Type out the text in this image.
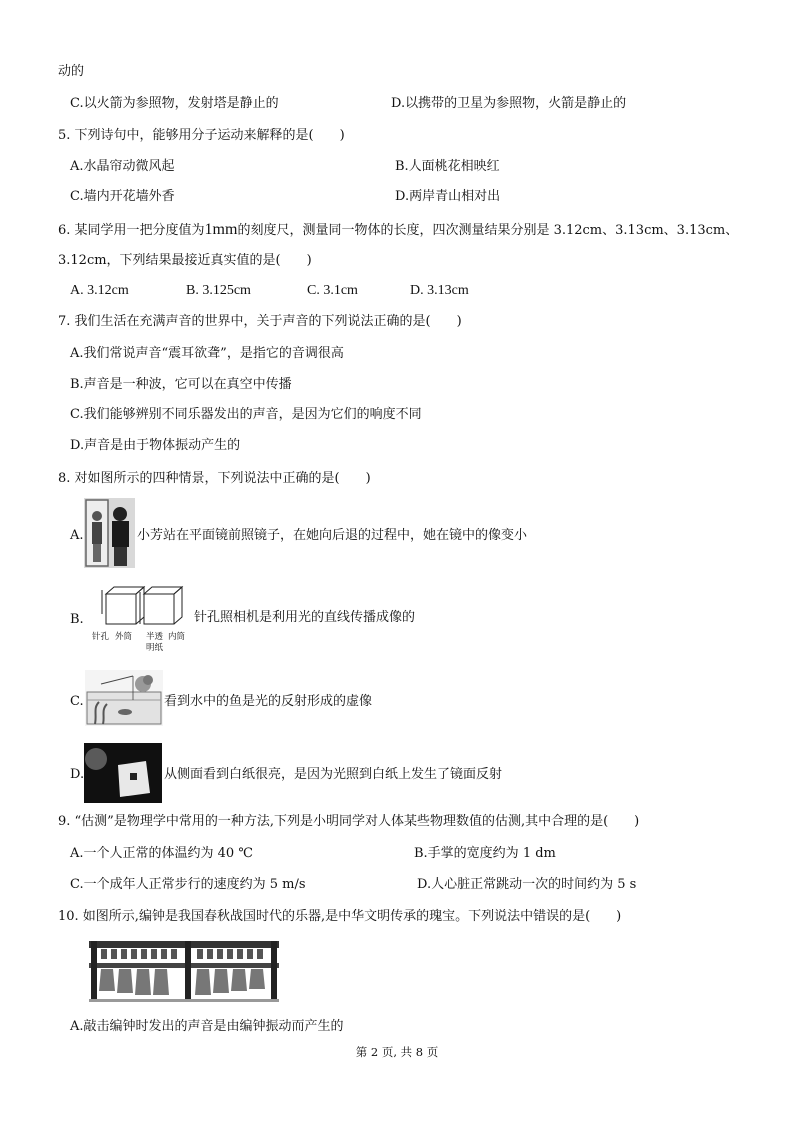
动的
C.以火箭为参照物，发射塔是静止的	D.以携带的卫星为参照物，火箭是静止的
5. 下列诗句中，能够用分子运动来解释的是(　　)
A.水晶帘动微风起	B.人面桃花相映红
C.墙内开花墙外香	D.两岸青山相对出
6. 某同学用一把分度值为1mm的刻度尺，测量同一物体的长度，四次测量结果分别是 3.12cm、3.13cm、3.13cm、
3.12cm，下列结果最接近真实值的是(　　)
A. 3.12cm	B. 3.125cm	C. 3.1cm	D. 3.13cm
7. 我们生活在充满声音的世界中，关于声音的下列说法正确的是(　　)
A.我们常说声音“震耳欲聋”，是指它的音调很高
B.声音是一种波，它可以在真空中传播
C.我们能够辨别不同乐器发出的声音，是因为它们的响度不同
D.声音是由于物体振动产生的
8. 对如图所示的四种情景，下列说法中正确的是(　　)
A.	小芳站在平面镜前照镜子，在她向后退的过程中，她在镜中的像变小
B.
针孔 外筒 半透
明纸
内筒
针孔照相机是利用光的直线传播成像的
C.	看到水中的鱼是光的反射形成的虚像
D.	从侧面看到白纸很亮，是因为光照到白纸上发生了镜面反射
9. “估测”是物理学中常用的一种方法,下列是小明同学对人体某些物理数值的估测,其中合理的是(　　)
A.一个人正常的体温约为 40 ℃	B.手掌的宽度约为 1 dm
C.一个成年人正常步行的速度约为 5 m/s	D.人心脏正常跳动一次的时间约为 5 s
10. 如图所示,编钟是我国春秋战国时代的乐器,是中华文明传承的瑰宝。下列说法中错误的是(　　)
A.敲击编钟时发出的声音是由编钟振动而产生的
第 2 页, 共 8 页
